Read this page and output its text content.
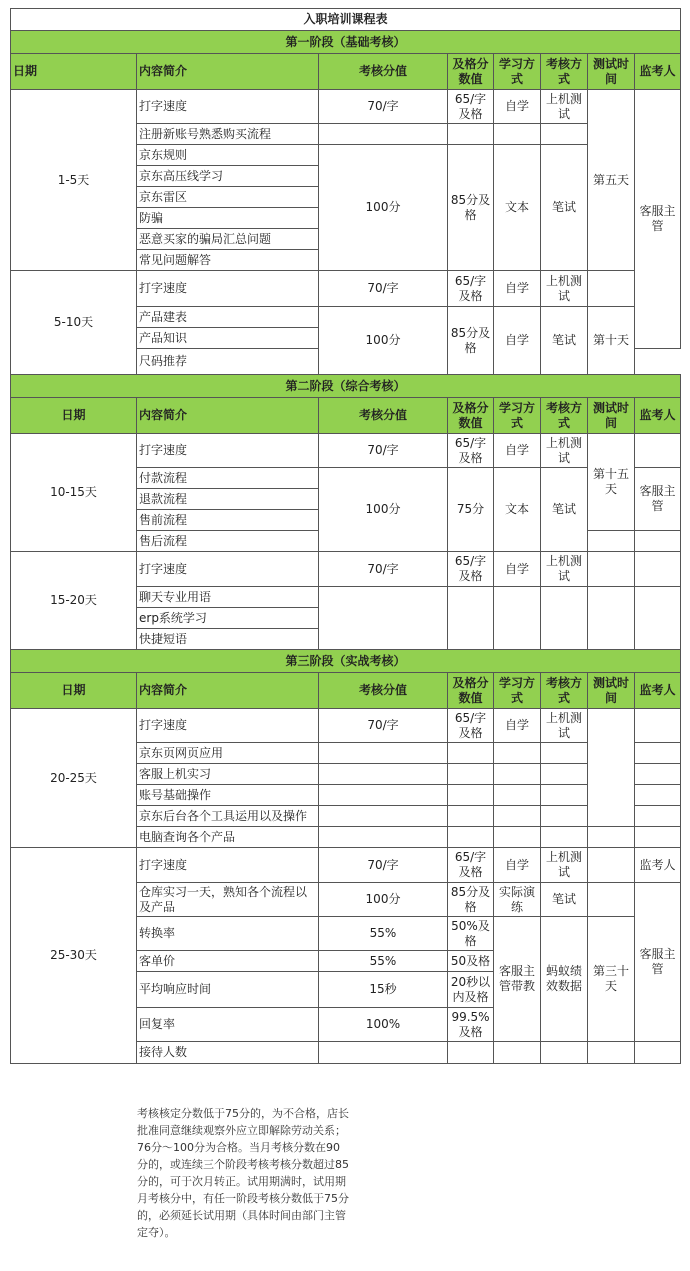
入职培训课程表							
第一阶段（基础考核）							
日期	内容简介	考核分值	及格分数值	学习方式	考核方式	测试时间	监考人
1-5天	打字速度	70/字	65/字及格	自学	上机测试	第五天	客服主管
	注册新账号熟悉购买流程						
	京东规则	100分	85分及格	文本	笔试		
	京东高压线学习						
	京东雷区						
	防骗						
	恶意买家的骗局汇总问题						
	常见问题解答						
5-10天	打字速度	70/字	65/字及格	自学	上机测试		
	产品建表	100分	85分及格	自学	笔试	第十天	
	产品知识						
	尺码推荐						
第二阶段（综合考核）							
日期	内容简介	考核分值	及格分数值	学习方式	考核方式	测试时间	监考人
10-15天	打字速度	70/字	65/字及格	自学	上机测试	第十五天	
	付款流程	100分	75分	文本	笔试		客服主管
	退款流程						
	售前流程						
	售后流程						
15-20天	打字速度	70/字	65/字及格	自学	上机测试		
	聊天专业用语						
	erp系统学习						
	快捷短语						
第三阶段（实战考核）							
日期	内容简介	考核分值	及格分数值	学习方式	考核方式	测试时间	监考人
20-25天	打字速度	70/字	65/字及格	自学	上机测试		
	京东页网页应用						
	客服上机实习						
	账号基础操作						
	京东后台各个工具运用以及操作						
	电脑查询各个产品						
25-30天	打字速度	70/字	65/字及格	自学	上机测试		监考人
	仓库实习一天，熟知各个流程以及产品	100分	85分及格	实际演练	笔试		客服主管
	转换率	55%	50%及格	客服主管带教	蚂蚁绩效数据	第三十天	
	客单价	55%	50及格				
	平均响应时间	15秒	20秒以内及格				
	回复率	100%	99.5%及格				
	接待人数						
考核核定分数低于75分的，为不合格，店长批准同意继续观察外应立即解除劳动关系；76分～100分为合格。当月考核分数在90分的，或连续三个阶段考核考核分数超过85分的，可于次月转正。试用期满时，试用期月考核分中，有任一阶段考核分数低于75分的，必须延长试用期（具体时间由部门主管定夺）。
